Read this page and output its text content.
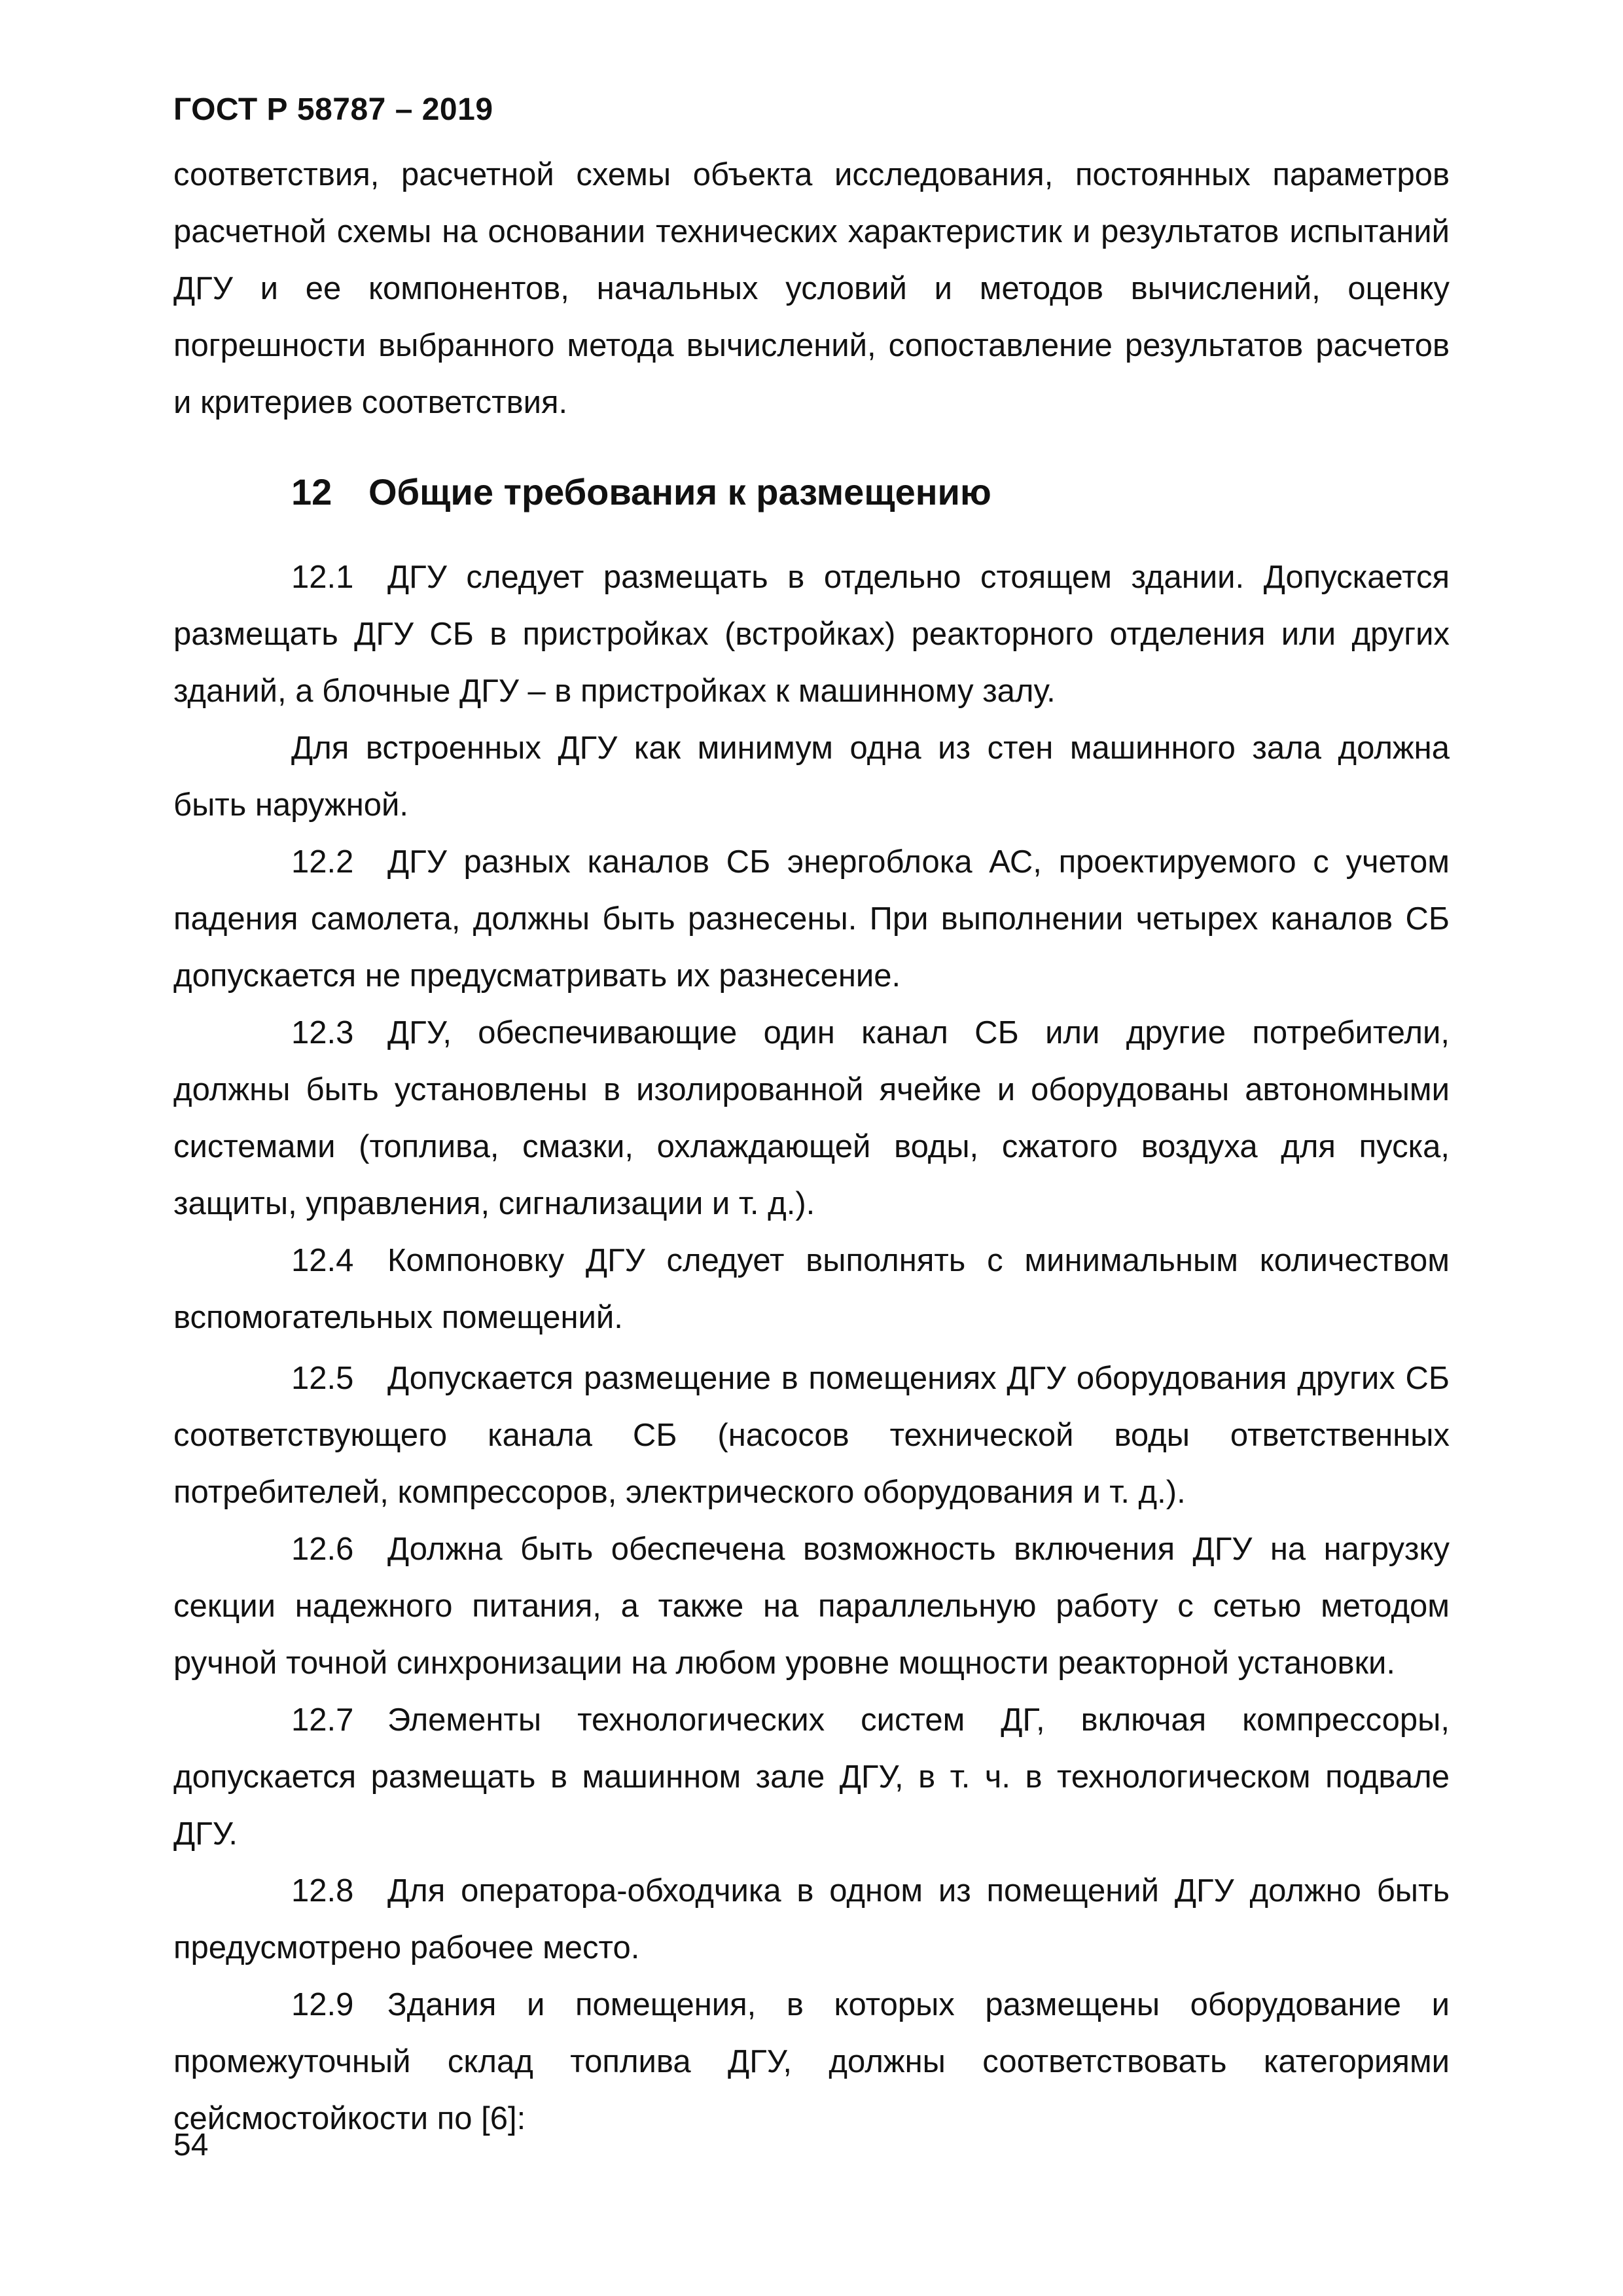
ГОСТ Р 58787 – 2019

соответствия, расчетной схемы объекта исследования, постоянных параметров расчетной схемы на основании технических характеристик и результатов испытаний ДГУ и ее компонентов, начальных условий и методов вычислений, оценку погрешности выбранного метода вычислений, сопоставление результатов расчетов и критериев соответствия.

12 Общие требования к размещению

12.1 ДГУ следует размещать в отдельно стоящем здании. Допускается размещать ДГУ СБ в пристройках (встройках) реакторного отделения или других зданий, а блочные ДГУ – в пристройках к машинному залу.

Для встроенных ДГУ как минимум одна из стен машинного зала должна быть наружной.

12.2 ДГУ разных каналов СБ энергоблока АС, проектируемого с учетом падения самолета, должны быть разнесены. При выполнении четырех каналов СБ допускается не предусматривать их разнесение.

12.3 ДГУ, обеспечивающие один канал СБ или другие потребители, должны быть установлены в изолированной ячейке и оборудованы автономными системами (топлива, смазки, охлаждающей воды, сжатого воздуха для пуска, защиты, управления, сигнализации и т. д.).

12.4 Компоновку ДГУ следует выполнять с минимальным количеством вспомогательных помещений.

12.5 Допускается размещение в помещениях ДГУ оборудования других СБ соответствующего канала СБ (насосов технической воды ответственных потребителей, компрессоров, электрического оборудования и т. д.).

12.6 Должна быть обеспечена возможность включения ДГУ на нагрузку секции надежного питания, а также на параллельную работу с сетью методом ручной точной синхронизации на любом уровне мощности реакторной установки.

12.7 Элементы технологических систем ДГ, включая компрессоры, допускается размещать в машинном зале ДГУ, в т. ч. в технологическом подвале ДГУ.

12.8 Для оператора-обходчика в одном из помещений ДГУ должно быть предусмотрено рабочее место.

12.9 Здания и помещения, в которых размещены оборудование и промежуточный склад топлива ДГУ, должны соответствовать категориями сейсмостойкости по [6]:

54
